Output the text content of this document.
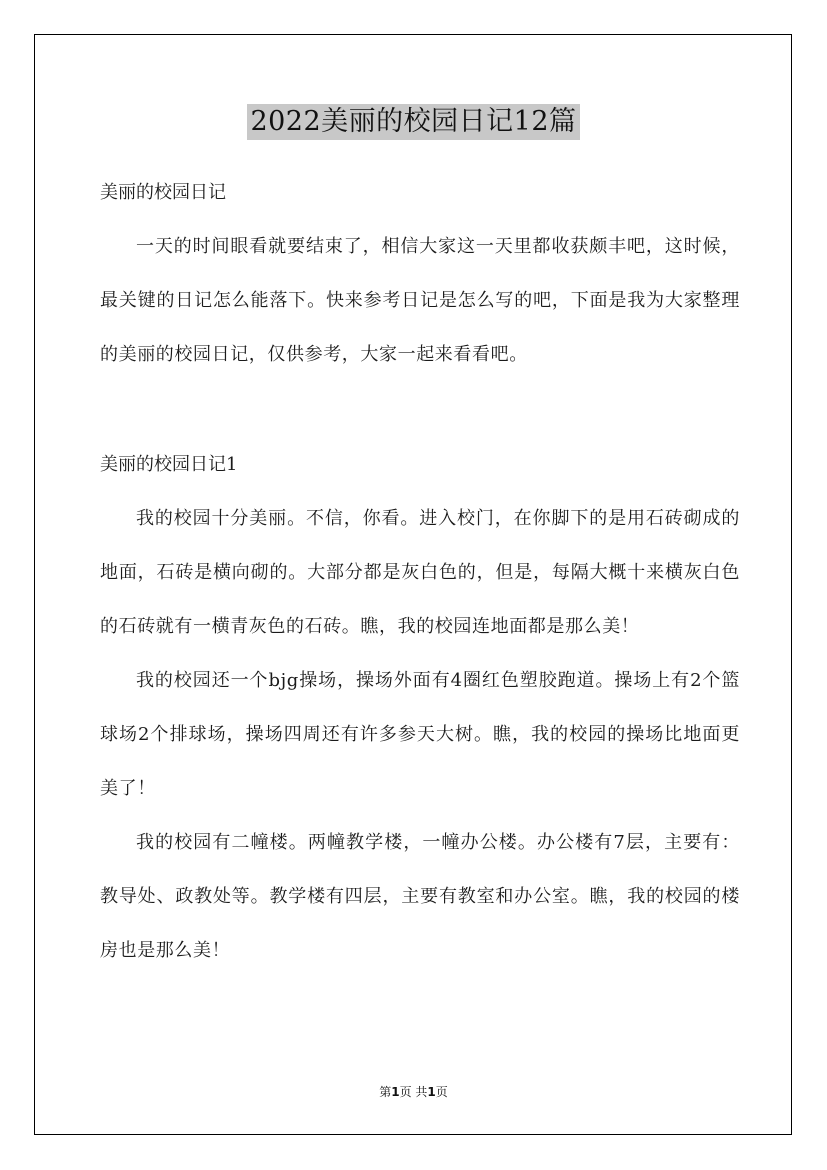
2022美丽的校园日记12篇
美丽的校园日记

一天的时间眼看就要结束了，相信大家这一天里都收获颇丰吧，这时候，最关键的日记怎么能落下。快来参考日记是怎么写的吧，下面是我为大家整理的美丽的校园日记，仅供参考，大家一起来看看吧。

美丽的校园日记1

我的校园十分美丽。不信，你看。进入校门，在你脚下的是用石砖砌成的地面，石砖是横向砌的。大部分都是灰白色的，但是，每隔大概十来横灰白色的石砖就有一横青灰色的石砖。瞧，我的校园连地面都是那么美！

我的校园还一个bjg操场，操场外面有4圈红色塑胶跑道。操场上有2个篮球场2个排球场，操场四周还有许多参天大树。瞧，我的校园的操场比地面更美了！

我的校园有二幢楼。两幢教学楼，一幢办公楼。办公楼有7层，主要有：教导处、政教处等。教学楼有四层，主要有教室和办公室。瞧，我的校园的楼房也是那么美！

第1页 共1页
